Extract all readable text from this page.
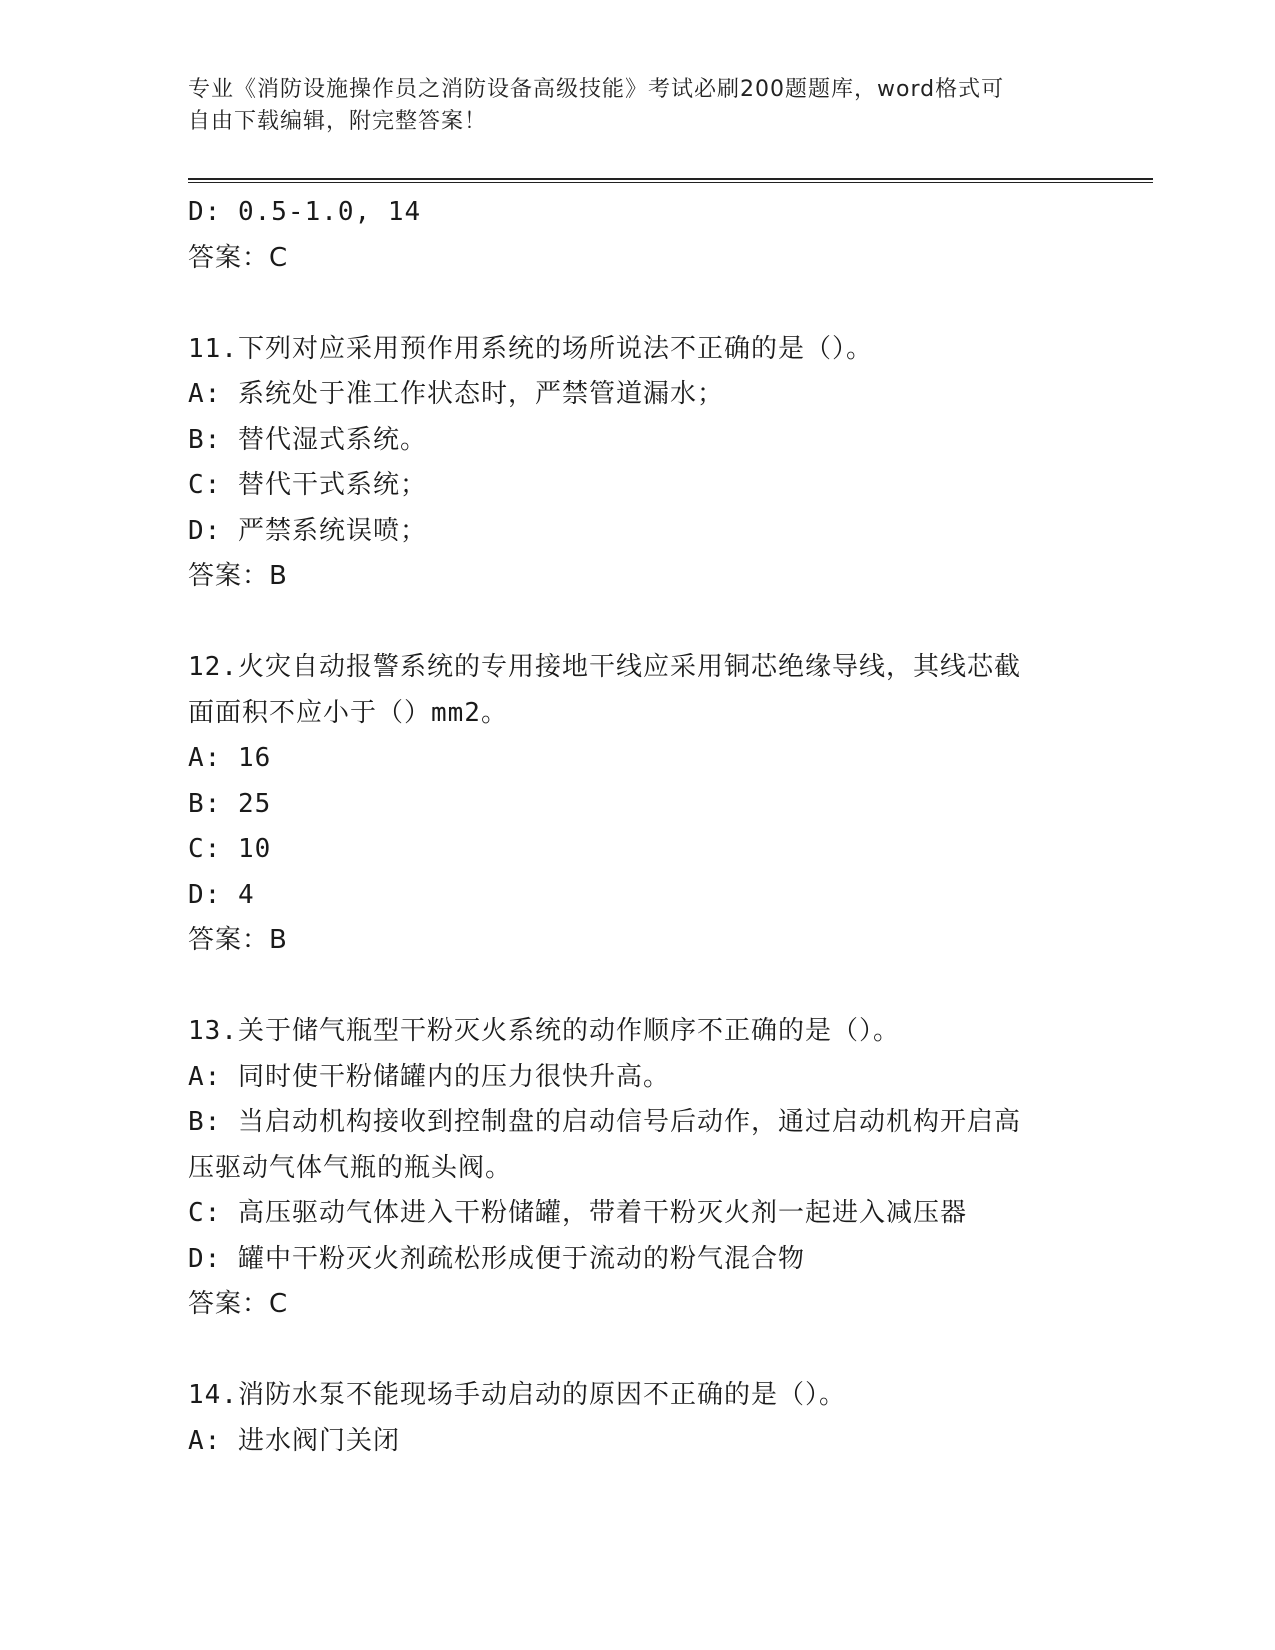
专业《消防设施操作员之消防设备高级技能》考试必刷200题题库，word格式可
自由下载编辑，附完整答案！
D: 0.5-1.0, 14
答案：C
11.下列对应采用预作用系统的场所说法不正确的是（）。
A: 系统处于准工作状态时，严禁管道漏水；
B: 替代湿式系统。
C: 替代干式系统；
D: 严禁系统误喷；
答案：B
12.火灾自动报警系统的专用接地干线应采用铜芯绝缘导线，其线芯截
面面积不应小于（）mm2。
A: 16
B: 25
C: 10
D: 4
答案：B
13.关于储气瓶型干粉灭火系统的动作顺序不正确的是（）。
A: 同时使干粉储罐内的压力很快升高。
B: 当启动机构接收到控制盘的启动信号后动作，通过启动机构开启高
压驱动气体气瓶的瓶头阀。
C: 高压驱动气体进入干粉储罐，带着干粉灭火剂一起进入减压器
D: 罐中干粉灭火剂疏松形成便于流动的粉气混合物
答案：C
14.消防水泵不能现场手动启动的原因不正确的是（）。
A: 进水阀门关闭
